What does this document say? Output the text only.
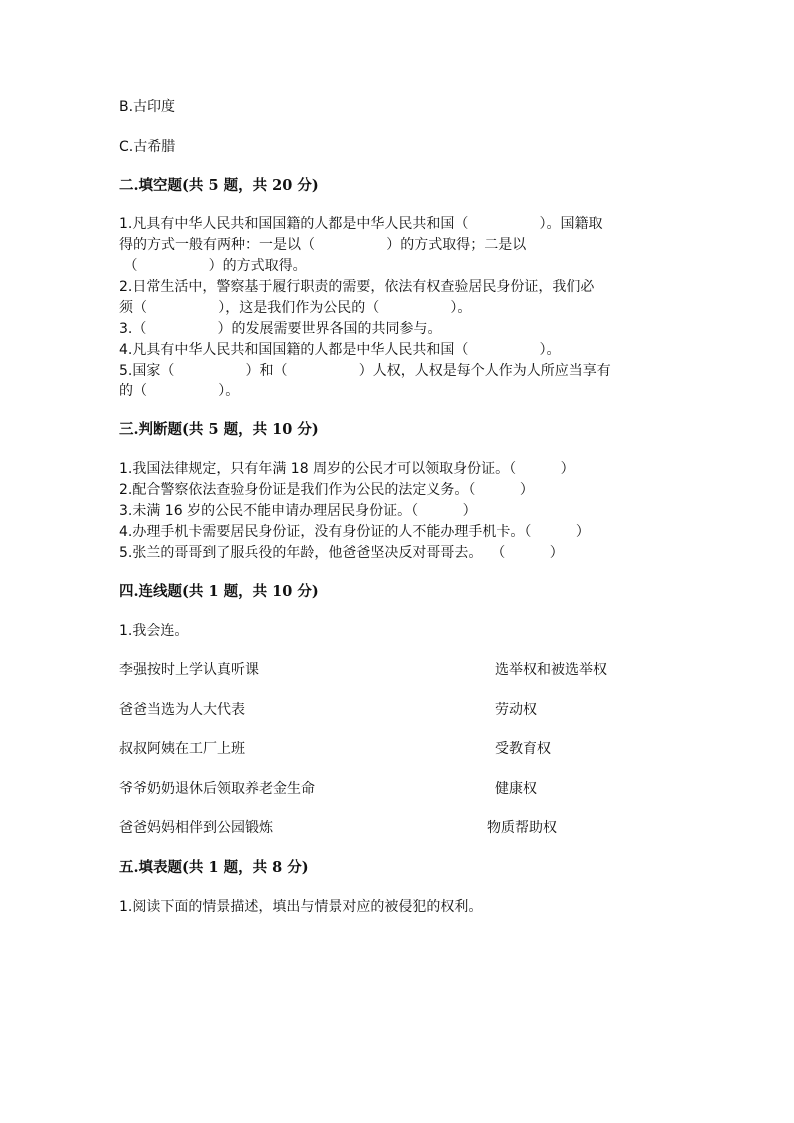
B.古印度
C.古希腊
二.填空题(共 5 题，共 20 分)
1.凡具有中华人民共和国国籍的人都是中华人民共和国（                ）。国籍取
得的方式一般有两种：一是以（                ）的方式取得；二是以
（                ）的方式取得。
2.日常生活中，警察基于履行职责的需要，依法有权查验居民身份证，我们必
须（                ），这是我们作为公民的（                ）。
3.（                ）的发展需要世界各国的共同参与。
4.凡具有中华人民共和国国籍的人都是中华人民共和国（                ）。
5.国家（                ）和（                ）人权，人权是每个人作为人所应当享有
的（                ）。
三.判断题(共 5 题，共 10 分)
1.我国法律规定，只有年满 18 周岁的公民才可以领取身份证。（          ）
2.配合警察依法查验身份证是我们作为公民的法定义务。（          ）
3.未满 16 岁的公民不能申请办理居民身份证。（          ）
4.办理手机卡需要居民身份证，没有身份证的人不能办理手机卡。（          ）
5.张兰的哥哥到了服兵役的年龄，他爸爸坚决反对哥哥去。  （          ）
四.连线题(共 1 题，共 10 分)
1.我会连。
李强按时上学认真听课	选举权和被选举权
爸爸当选为人大代表	劳动权
叔叔阿姨在工厂上班	受教育权
爷爷奶奶退休后领取养老金生命	健康权
爸爸妈妈相伴到公园锻炼	物质帮助权
五.填表题(共 1 题，共 8 分)
1.阅读下面的情景描述，填出与情景对应的被侵犯的权利。
